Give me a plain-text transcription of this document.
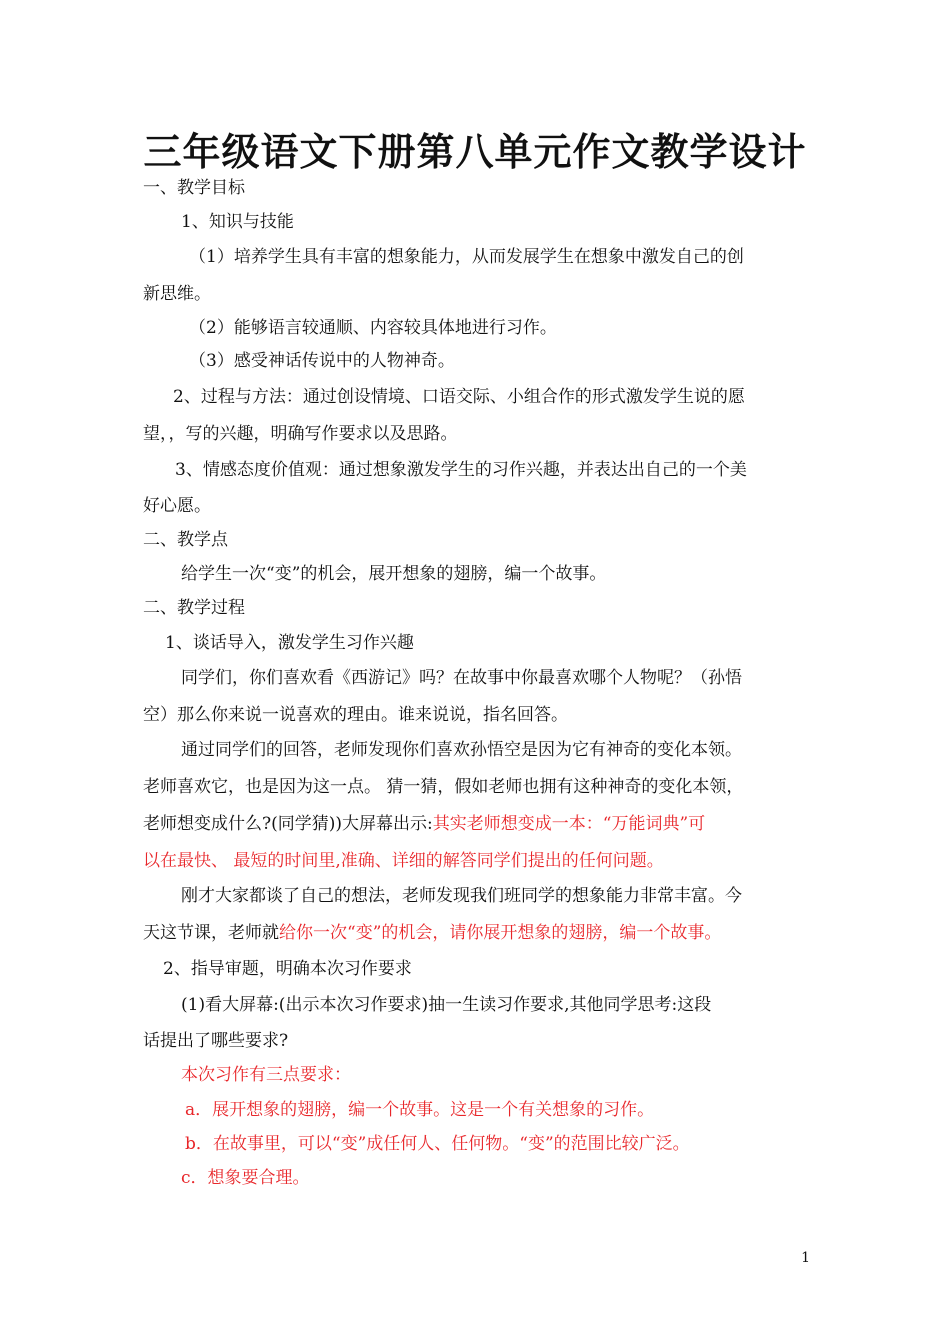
三年级语文下册第八单元作文教学设计
一、教学目标
1、知识与技能
（1）培养学生具有丰富的想象能力，从而发展学生在想象中激发自己的创
新思维。
（2）能够语言较通顺、内容较具体地进行习作。
（3）感受神话传说中的人物神奇。
2、过程与方法：通过创设情境、口语交际、小组合作的形式激发学生说的愿
望，，写的兴趣，明确写作要求以及思路。
3、情感态度价值观：通过想象激发学生的习作兴趣，并表达出自己的一个美
好心愿。
二、教学点
给学生一次“变”的机会，展开想象的翅膀，编一个故事。
二、教学过程
1、谈话导入，激发学生习作兴趣
同学们，你们喜欢看《西游记》吗？在故事中你最喜欢哪个人物呢？（孙悟
空）那么你来说一说喜欢的理由。谁来说说，指名回答。
通过同学们的回答，老师发现你们喜欢孙悟空是因为它有神奇的变化本领。
老师喜欢它，也是因为这一点。 猜一猜，假如老师也拥有这种神奇的变化本领，
老师想变成什么?(同学猜))大屏幕出示:其实老师想变成一本：“万能词典”可
以在最快、 最短的时间里,准确、详细的解答同学们提出的任何问题。
刚才大家都谈了自己的想法，老师发现我们班同学的想象能力非常丰富。今
天这节课，老师就给你一次“变”的机会，请你展开想象的翅膀，编一个故事。
2、指导审题，明确本次习作要求
(1)看大屏幕:(出示本次习作要求)抽一生读习作要求,其他同学思考:这段
话提出了哪些要求?
本次习作有三点要求：
a．展开想象的翅膀，编一个故事。这是一个有关想象的习作。
b．在故事里，可以“变”成任何人、任何物。“变”的范围比较广泛。
c．想象要合理。
1
